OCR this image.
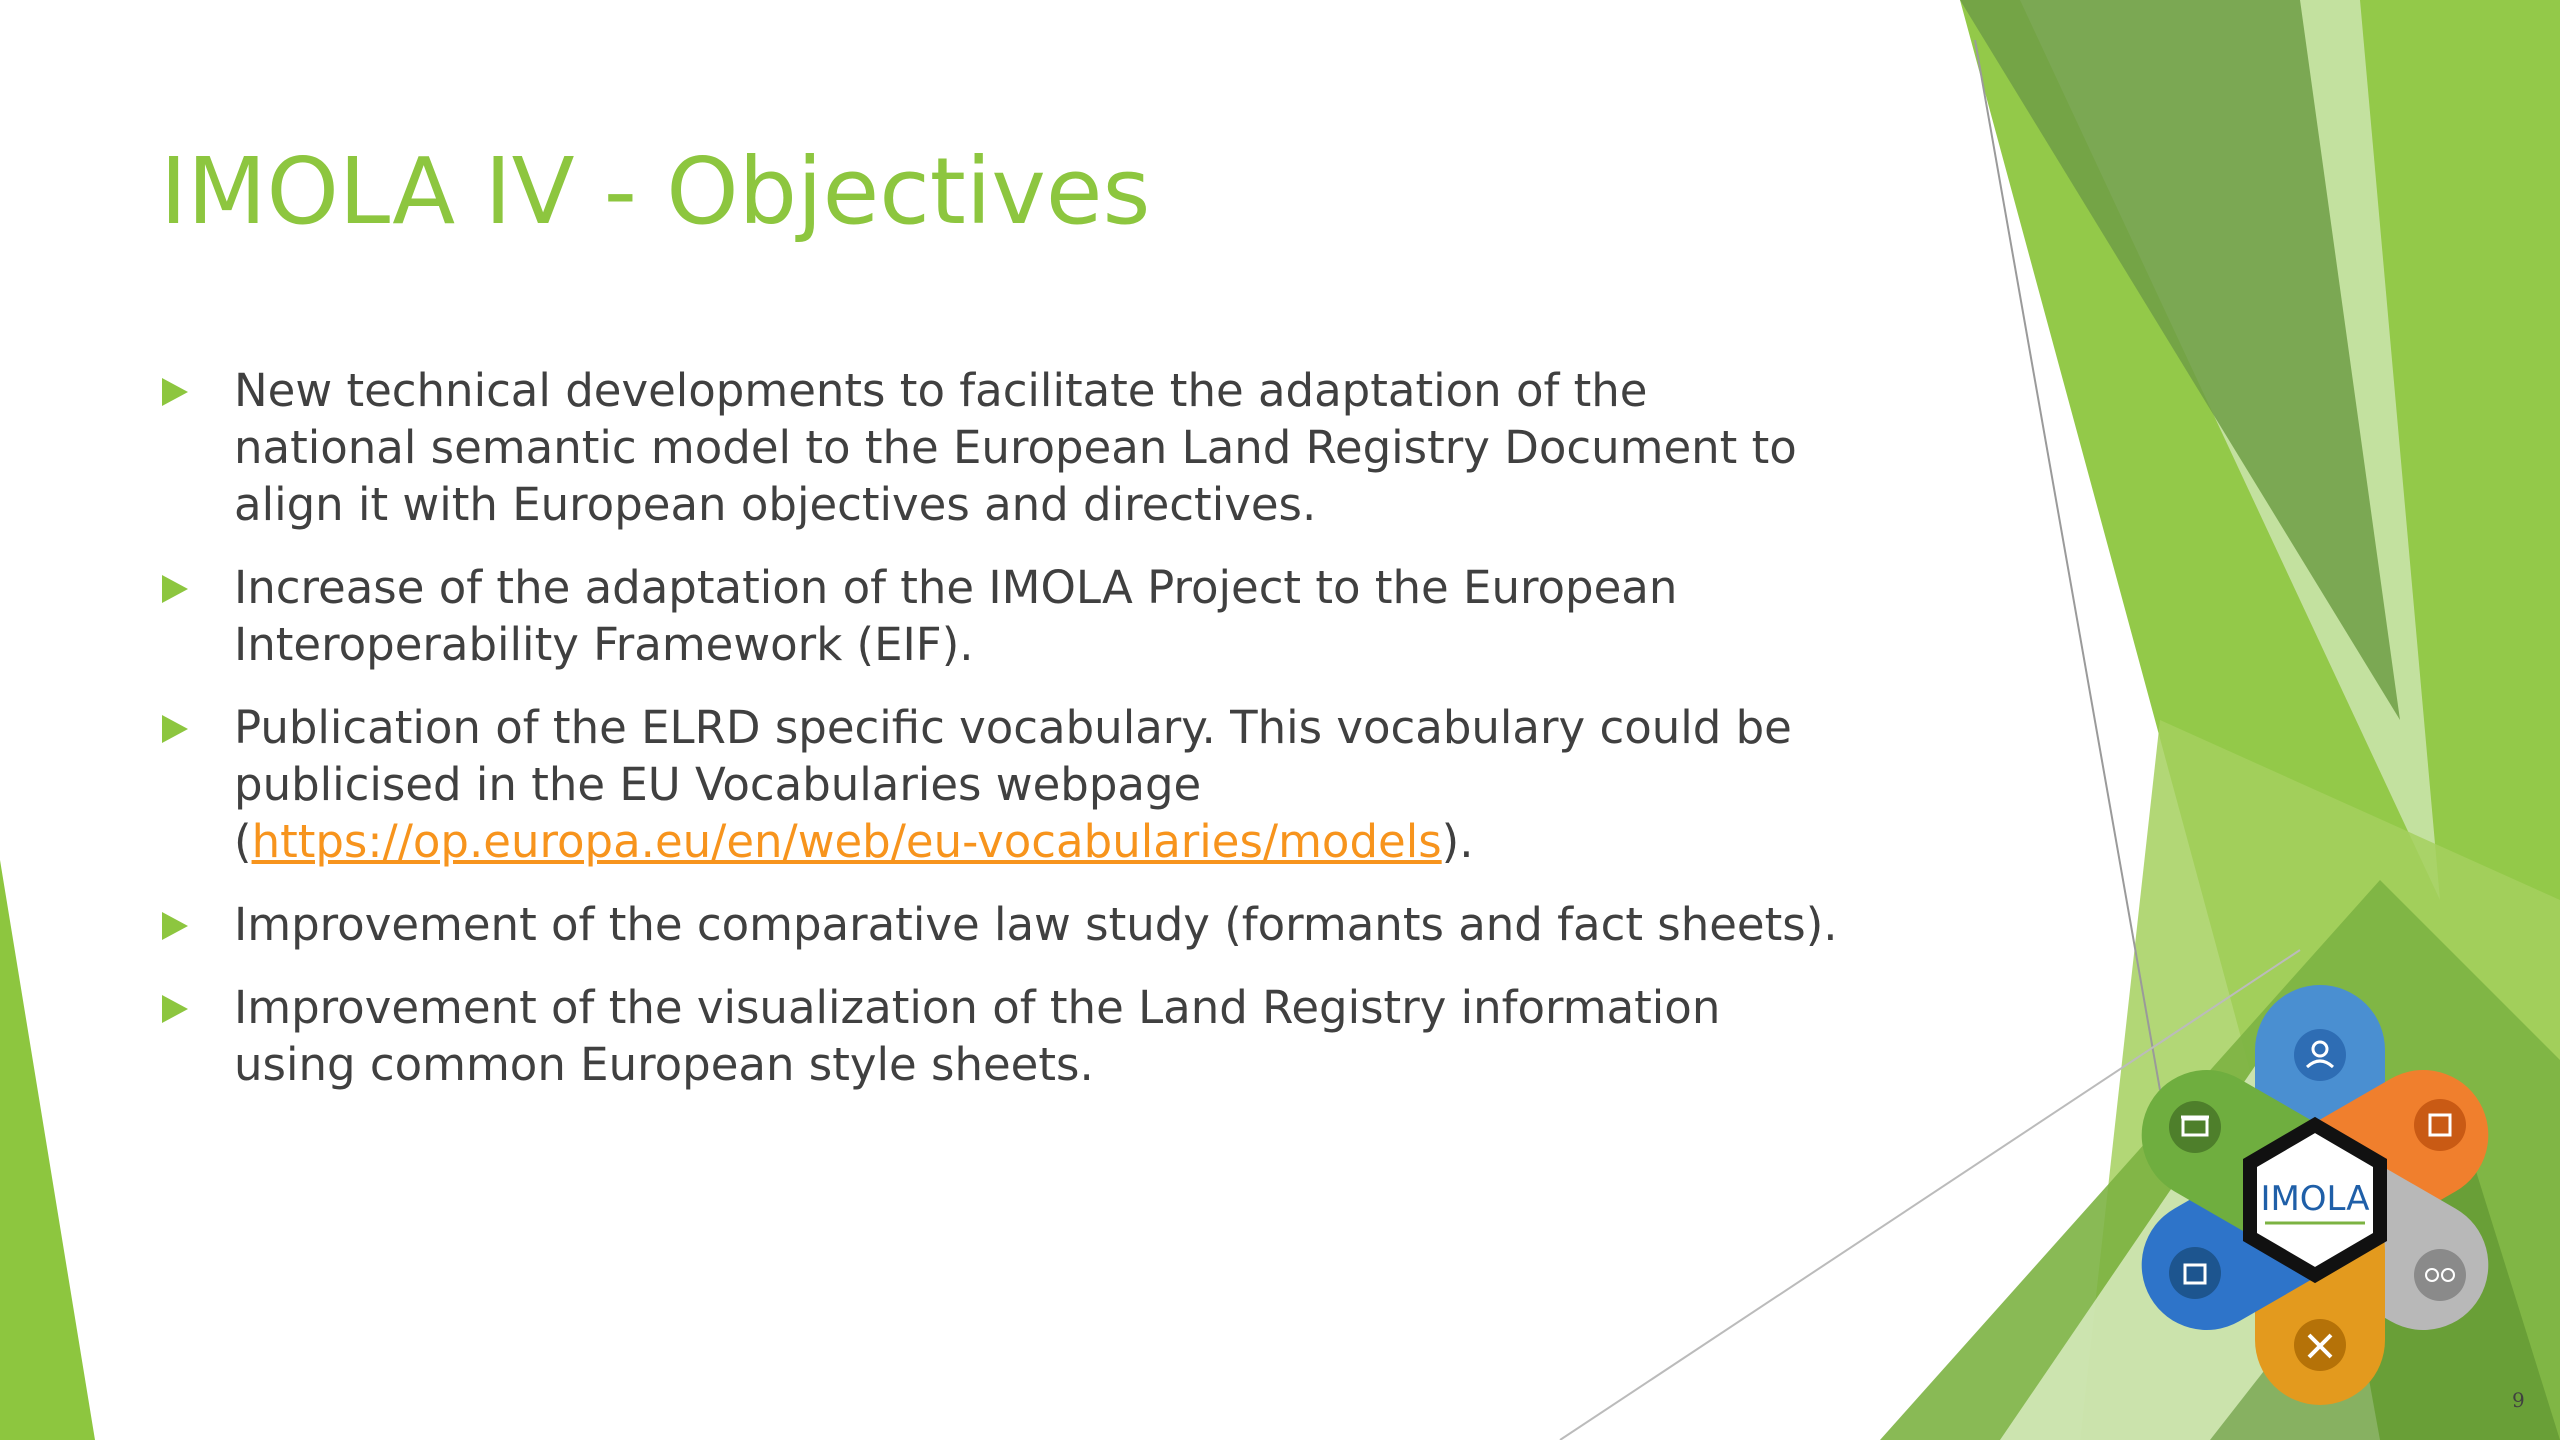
IMOLA IV - Objectives
New technical developments to facilitate the adaptation of the national semantic model to the European Land Registry Document to align it with European objectives and directives.
Increase of the adaptation of the IMOLA Project to the European Interoperability Framework (EIF).
Publication of the ELRD specific vocabulary. This vocabulary could be publicised in the EU Vocabularies webpage (https://op.europa.eu/en/web/eu-vocabularies/models).
Improvement of the comparative law study (formants and fact sheets).
Improvement of the visualization of the Land Registry information using common European style sheets.
IMOLA
9
